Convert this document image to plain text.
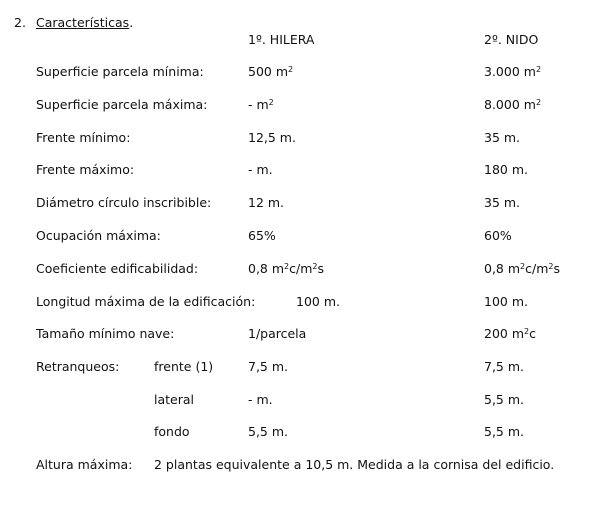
2. Características.
1º. HILERA	2º. NIDO
Superficie parcela mínima:	500 $m^2$	3.000 $m^2$
Superficie parcela máxima:	- $m^2$	8.000 $m^2$
Frente mínimo:	12,5 m.	35 m.
Frente máximo:	- m.	180 m.
Diámetro círculo inscribible:	12 m.	35 m.
Ocupación máxima:	65%	60%
Coeficiente edificabilidad:	0,8 $m^2c/m^2s$	0,8 $m^2c/m^2s$
Longitud máxima de la edificación:	100 m.	100 m.
Tamaño mínimo nave:	1/parcela	200 $m^2c$
Retranqueos:	frente (1)	7,5 m.	7,5 m.
lateral	- m.	5,5 m.
fondo	5,5 m.	5,5 m.
Altura máxima: 2 plantas equivalente a 10,5 m. Medida a la cornisa del edificio.
